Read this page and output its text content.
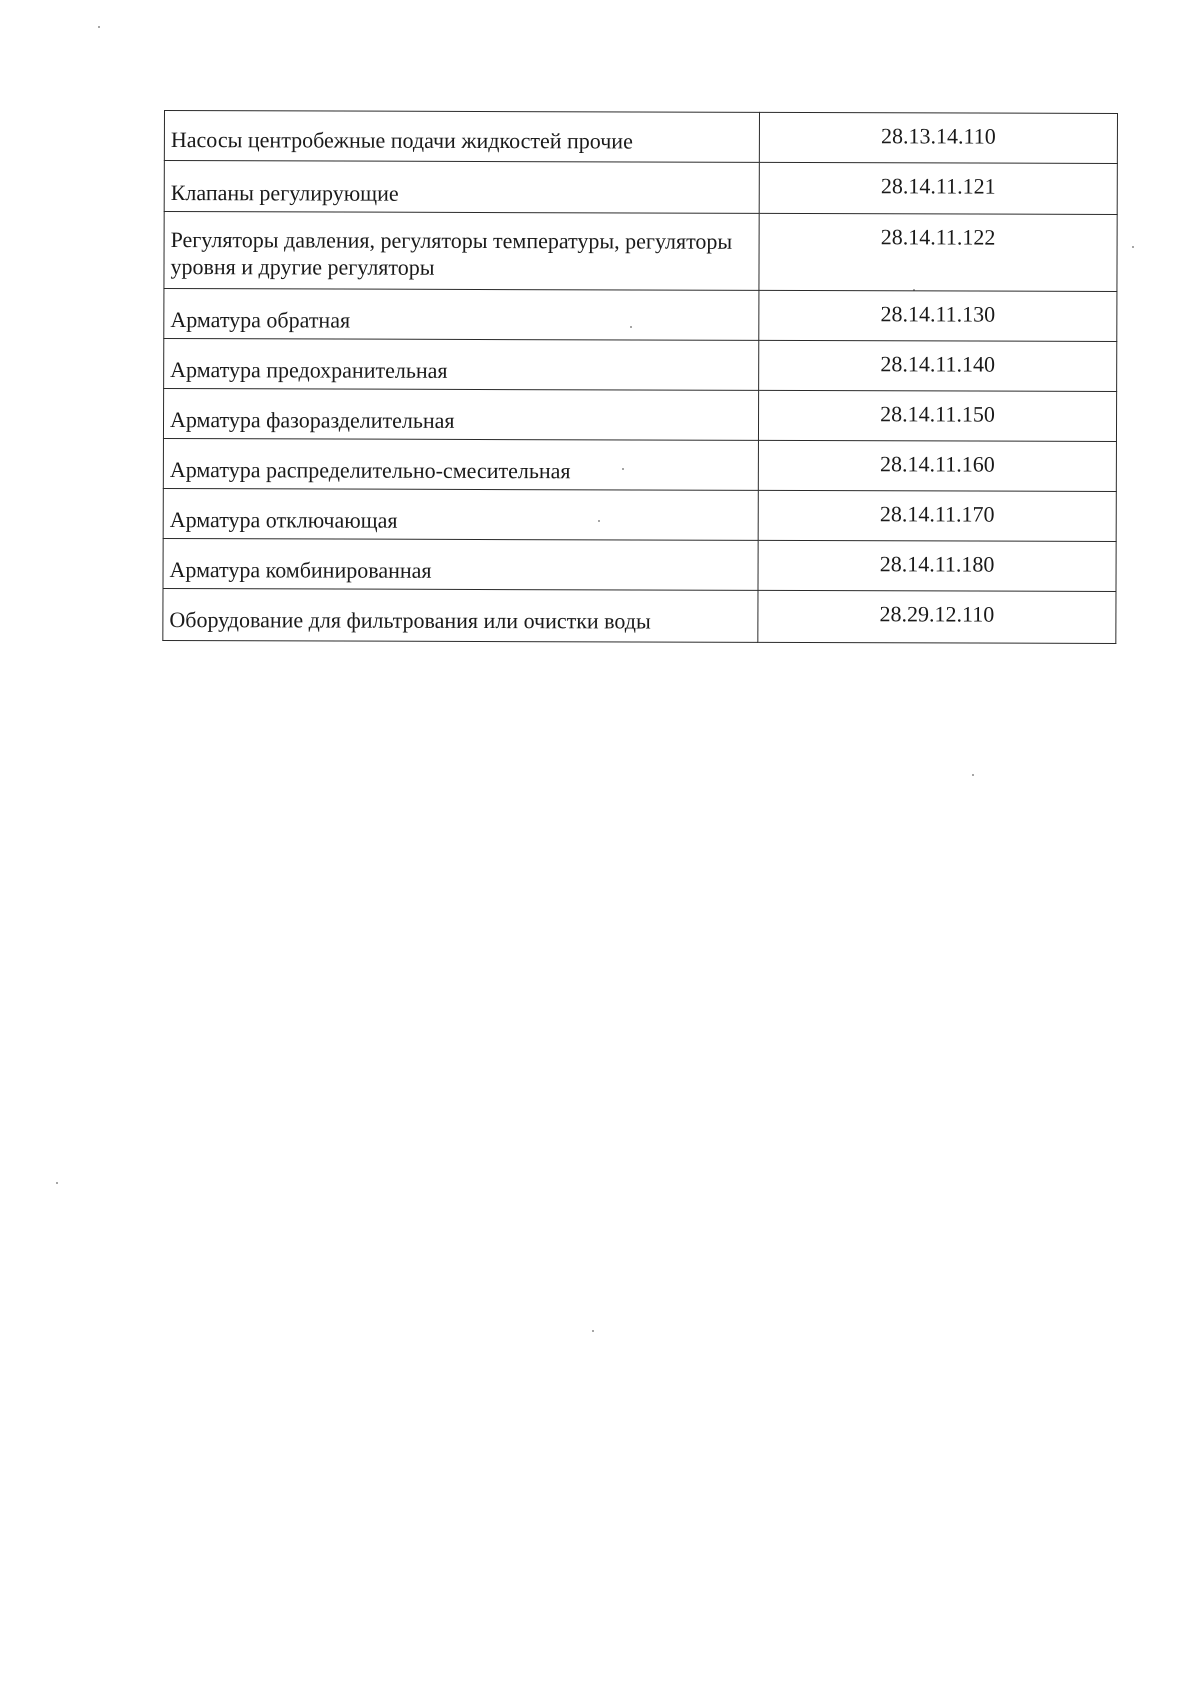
Насосы центробежные подачи жидкостей прочие	28.13.14.110

Клапаны регулирующие	28.14.11.121

Регуляторы давления, регуляторы температуры, регуляторы уровня и другие регуляторы	28.14.11.122

Арматура обратная	28.14.11.130

Арматура предохранительная	28.14.11.140

Арматура фазоразделительная	28.14.11.150

Арматура распределительно-смесительная	28.14.11.160

Арматура отключающая	28.14.11.170

Арматура комбинированная	28.14.11.180

Оборудование для фильтрования или очистки воды	28.29.12.110
